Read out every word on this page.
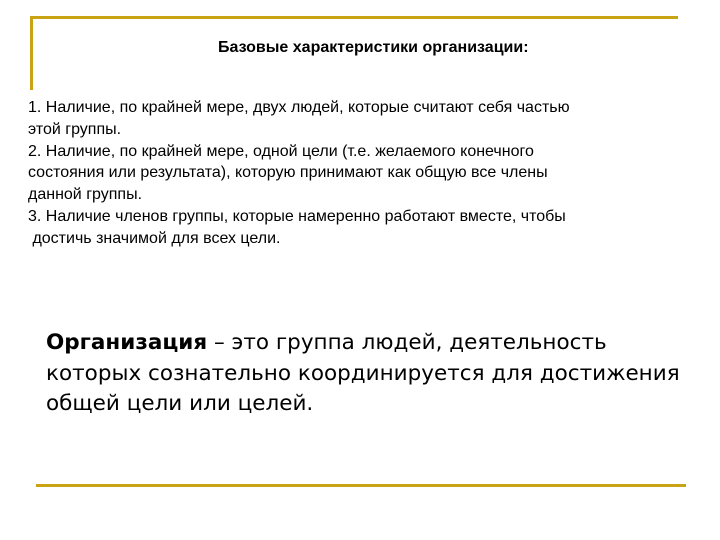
Базовые характеристики организации:

1. Наличие, по крайней мере, двух людей, которые считают себя частью

этой группы.

2. Наличие, по крайней мере, одной цели (т.е. желаемого конечного

состояния или результата), которую принимают как общую все члены

данной группы.

3. Наличие членов группы, которые намеренно работают вместе, чтобы

достичь значимой для всех цели.

Организация – это группа людей, деятельность которых сознательно координируется для достижения общей цели или целей.
